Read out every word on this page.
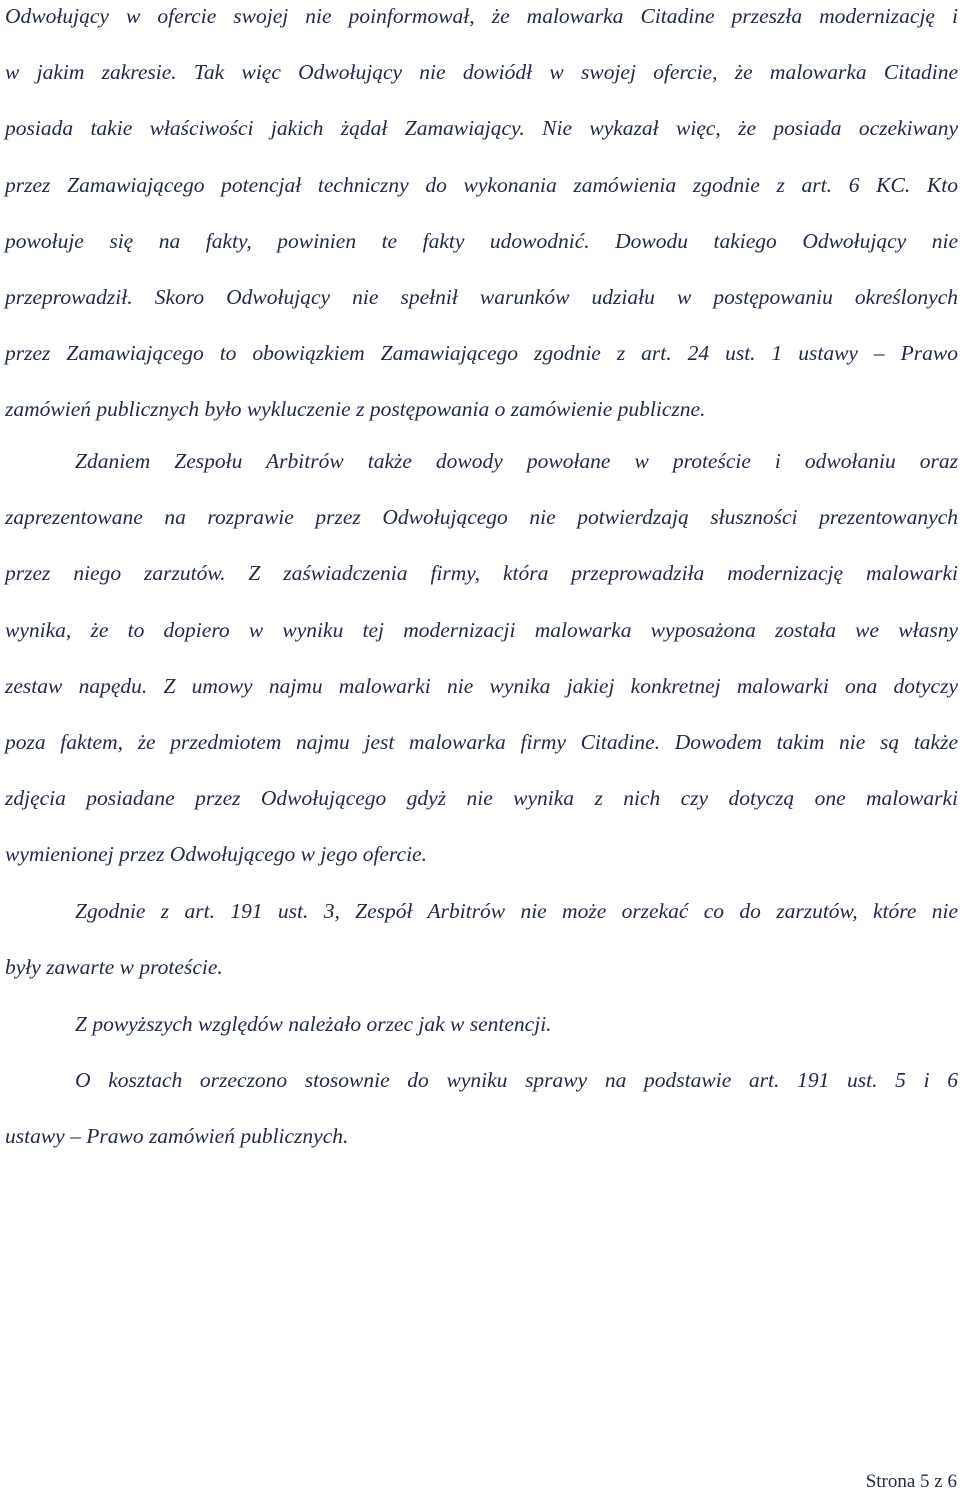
Odwołujący w ofercie swojej nie poinformował, że malowarka Citadine przeszła modernizację i
w jakim zakresie. Tak więc Odwołujący nie dowiódł w swojej ofercie, że malowarka Citadine
posiada takie właściwości jakich żądał Zamawiający. Nie wykazał więc, że posiada oczekiwany
przez Zamawiającego potencjał techniczny do wykonania zamówienia zgodnie z art. 6 KC. Kto
powołuje się na fakty, powinien te fakty udowodnić. Dowodu takiego Odwołujący nie
przeprowadził. Skoro Odwołujący nie spełnił warunków udziału w postępowaniu określonych
przez Zamawiającego to obowiązkiem Zamawiającego zgodnie z art. 24 ust. 1 ustawy – Prawo
zamówień publicznych było wykluczenie z postępowania o zamówienie publiczne.
Zdaniem Zespołu Arbitrów także dowody powołane w proteście i odwołaniu oraz
zaprezentowane na rozprawie przez Odwołującego nie potwierdzają słuszności prezentowanych
przez niego zarzutów. Z zaświadczenia firmy, która przeprowadziła modernizację malowarki
wynika, że to dopiero w wyniku tej modernizacji malowarka wyposażona została we własny
zestaw napędu. Z umowy najmu malowarki nie wynika jakiej konkretnej malowarki ona dotyczy
poza faktem, że przedmiotem najmu jest malowarka firmy Citadine. Dowodem takim nie są także
zdjęcia posiadane przez Odwołującego gdyż nie wynika z nich czy dotyczą one malowarki
wymienionej przez Odwołującego w jego ofercie.
Zgodnie z art. 191 ust. 3, Zespół Arbitrów nie może orzekać co do zarzutów, które nie
były zawarte w proteście.
Z powyższych względów należało orzec jak w sentencji.
O kosztach orzeczono stosownie do wyniku sprawy na podstawie art. 191 ust. 5 i 6
ustawy – Prawo zamówień publicznych.
Strona 5 z 6
